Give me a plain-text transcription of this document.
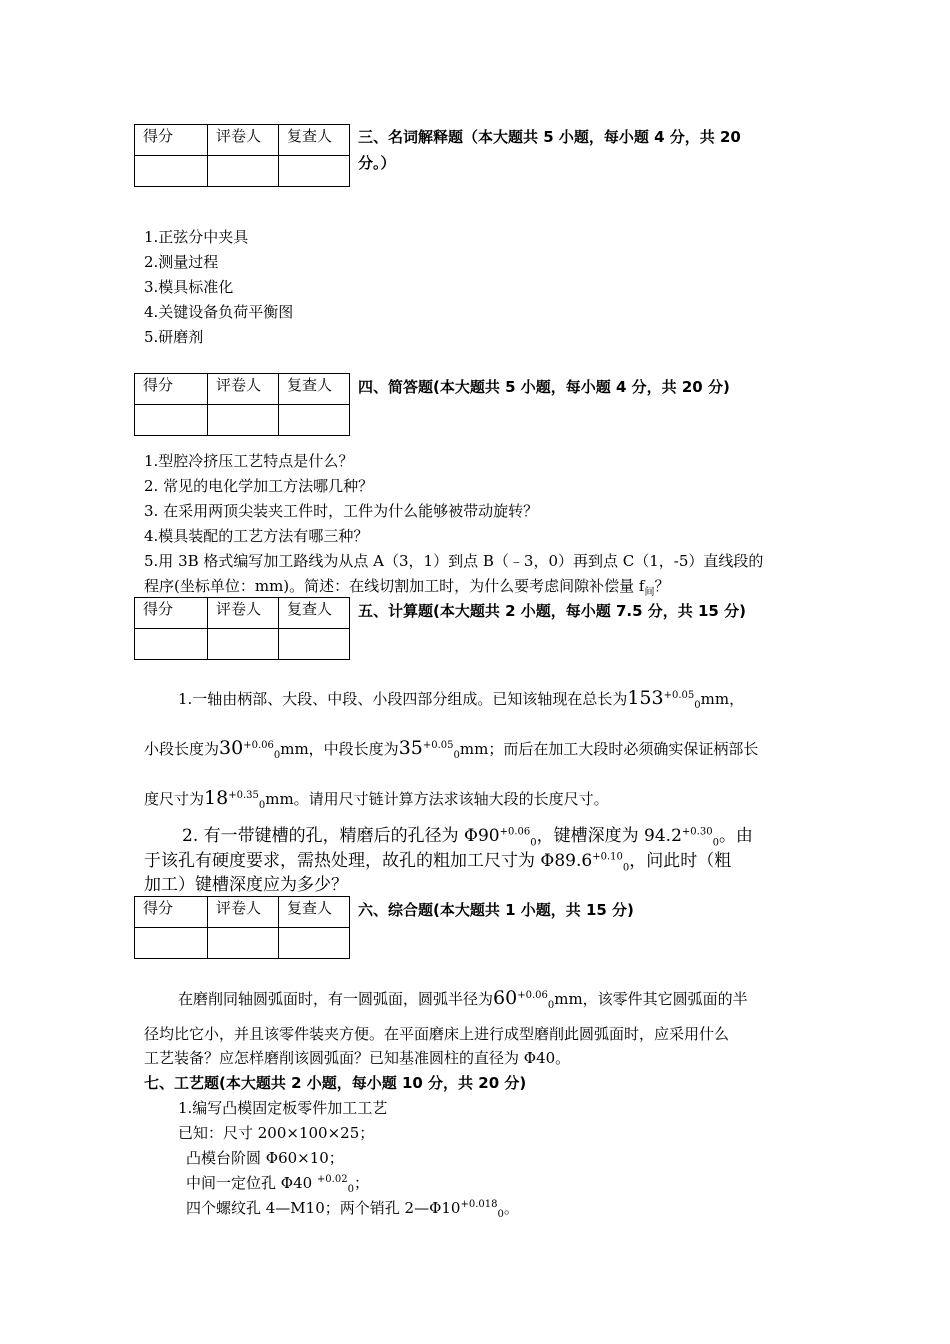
得分	评卷人	复查人
		三、名词解释题（本大题共 5 小题，每小题 4 分，共 20
分。）
1.正弦分中夹具
2.测量过程
3.模具标准化
4.关键设备负荷平衡图
5.研磨剂
得分	评卷人	复查人
		四、简答题(本大题共 5 小题，每小题 4 分，共 20 分)
1.型腔冷挤压工艺特点是什么？
2. 常见的电化学加工方法哪几种？
3. 在采用两顶尖装夹工件时，工件为什么能够被带动旋转？
4.模具装配的工艺方法有哪三种？
5.用 3B 格式编写加工路线为从点 A（3，1）到点 B（﹣3，0）再到点 C（1，-5）直线段的
程序(坐标单位：mm)。简述：在线切割加工时，为什么要考虑间隙补偿量 $f_间$？
得分	评卷人	复查人
		五、计算题(本大题共 2 小题，每小题 7.5 分，共 15 分)
1.一轴由柄部、大段、中段、小段四部分组成。已知该轴现在总长为$153^{+0.05}_0mm$，
小段长度为$30^{+0.06}_0mm$，中段长度为$35^{+0.05}_0mm$；而后在加工大段时必须确实保证柄部长
度尺寸为$18^{+0.35}_0mm$。请用尺寸链计算方法求该轴大段的长度尺寸。
2. 有一带键槽的孔，精磨后的孔径为 $\Phi 90^{+0.06}_0$，键槽深度为 $94.2^{+0.30}_0$。由
于该孔有硬度要求，需热处理，故孔的粗加工尺寸为 $\Phi 89.6^{+0.10}_0$，问此时（粗
加工）键槽深度应为多少？
得分	评卷人	复查人
		六、综合题(本大题共 1 小题，共 15 分)
在磨削同轴圆弧面时，有一圆弧面，圆弧半径为$60^{+0.06}_0mm$，该零件其它圆弧面的半
径均比它小，并且该零件装夹方便。在平面磨床上进行成型磨削此圆弧面时，应采用什么
工艺装备？应怎样磨削该圆弧面？已知基准圆柱的直径为 Φ40。
七、工艺题(本大题共 2 小题，每小题 10 分，共 20 分)
1.编写凸模固定板零件加工工艺
已知：尺寸 200×100×25；
凸模台阶圆 Φ60×10；
中间一定位孔 Φ40 $^{+0.02}_0$；
四个螺纹孔 4—M10；两个销孔 $2—\Phi 10^{+0.018}_0$。
